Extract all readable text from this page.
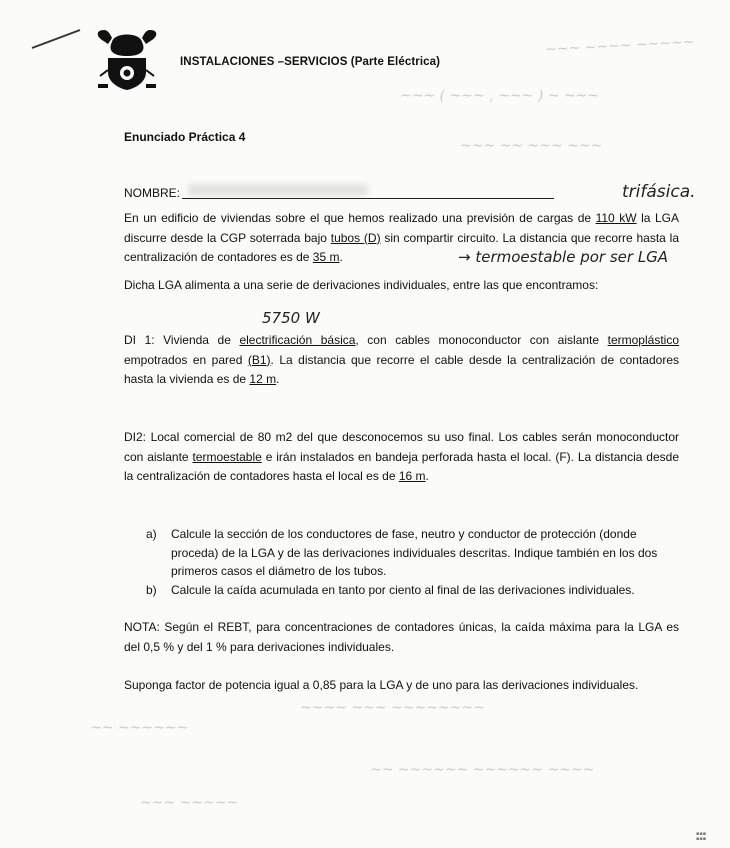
~~~ ~~~~ ~~~~~
~~~ ( ~~~ , ~~~ ) ~ ~~~
~~~ ~~ ~~~ ~~~
~~~~ ~~~ ~~~~~~~~
~~ ~~~~~~
~~ ~~~~~~ ~~~~~~ ~~~~
~~~ ~~~~~
INSTALACIONES –SERVICIOS (Parte Eléctrica)
Enunciado Práctica 4
NOMBRE:	trifásica.
En un edificio de viviendas sobre el que hemos realizado una previsión de cargas de 110 kW la LGA discurre desde la CGP soterrada bajo tubos (D) sin compartir circuito. La distancia que recorre hasta la centralización de contadores es de 35 m.	→ termoestable por ser LGA
Dicha LGA alimenta a una serie de derivaciones individuales, entre las que encontramos:
5750 W
DI 1: Vivienda de electrificación básica, con cables monoconductor con aislante termoplástico empotrados en pared (B1). La distancia que recorre el cable desde la centralización de contadores hasta la vivienda es de 12 m.
DI2: Local comercial de 80 m2 del que desconocemos su uso final. Los cables serán monoconductor con aislante termoestable e irán instalados en bandeja perforada hasta el local. (F). La distancia desde la centralización de contadores hasta el local es de 16 m.
a) Calcule la sección de los conductores de fase, neutro y conductor de protección (donde proceda) de la LGA y de las derivaciones individuales descritas. Indique también en los dos primeros casos el diámetro de los tubos.
b) Calcule la caída acumulada en tanto por ciento al final de las derivaciones individuales.
NOTA: Según el REBT, para concentraciones de contadores únicas, la caída máxima para la LGA es del 0,5 % y del 1 % para derivaciones individuales.
Suponga factor de potencia igual a 0,85 para la LGA y de uno para las derivaciones individuales.
▪▪▪
▪▪▪
